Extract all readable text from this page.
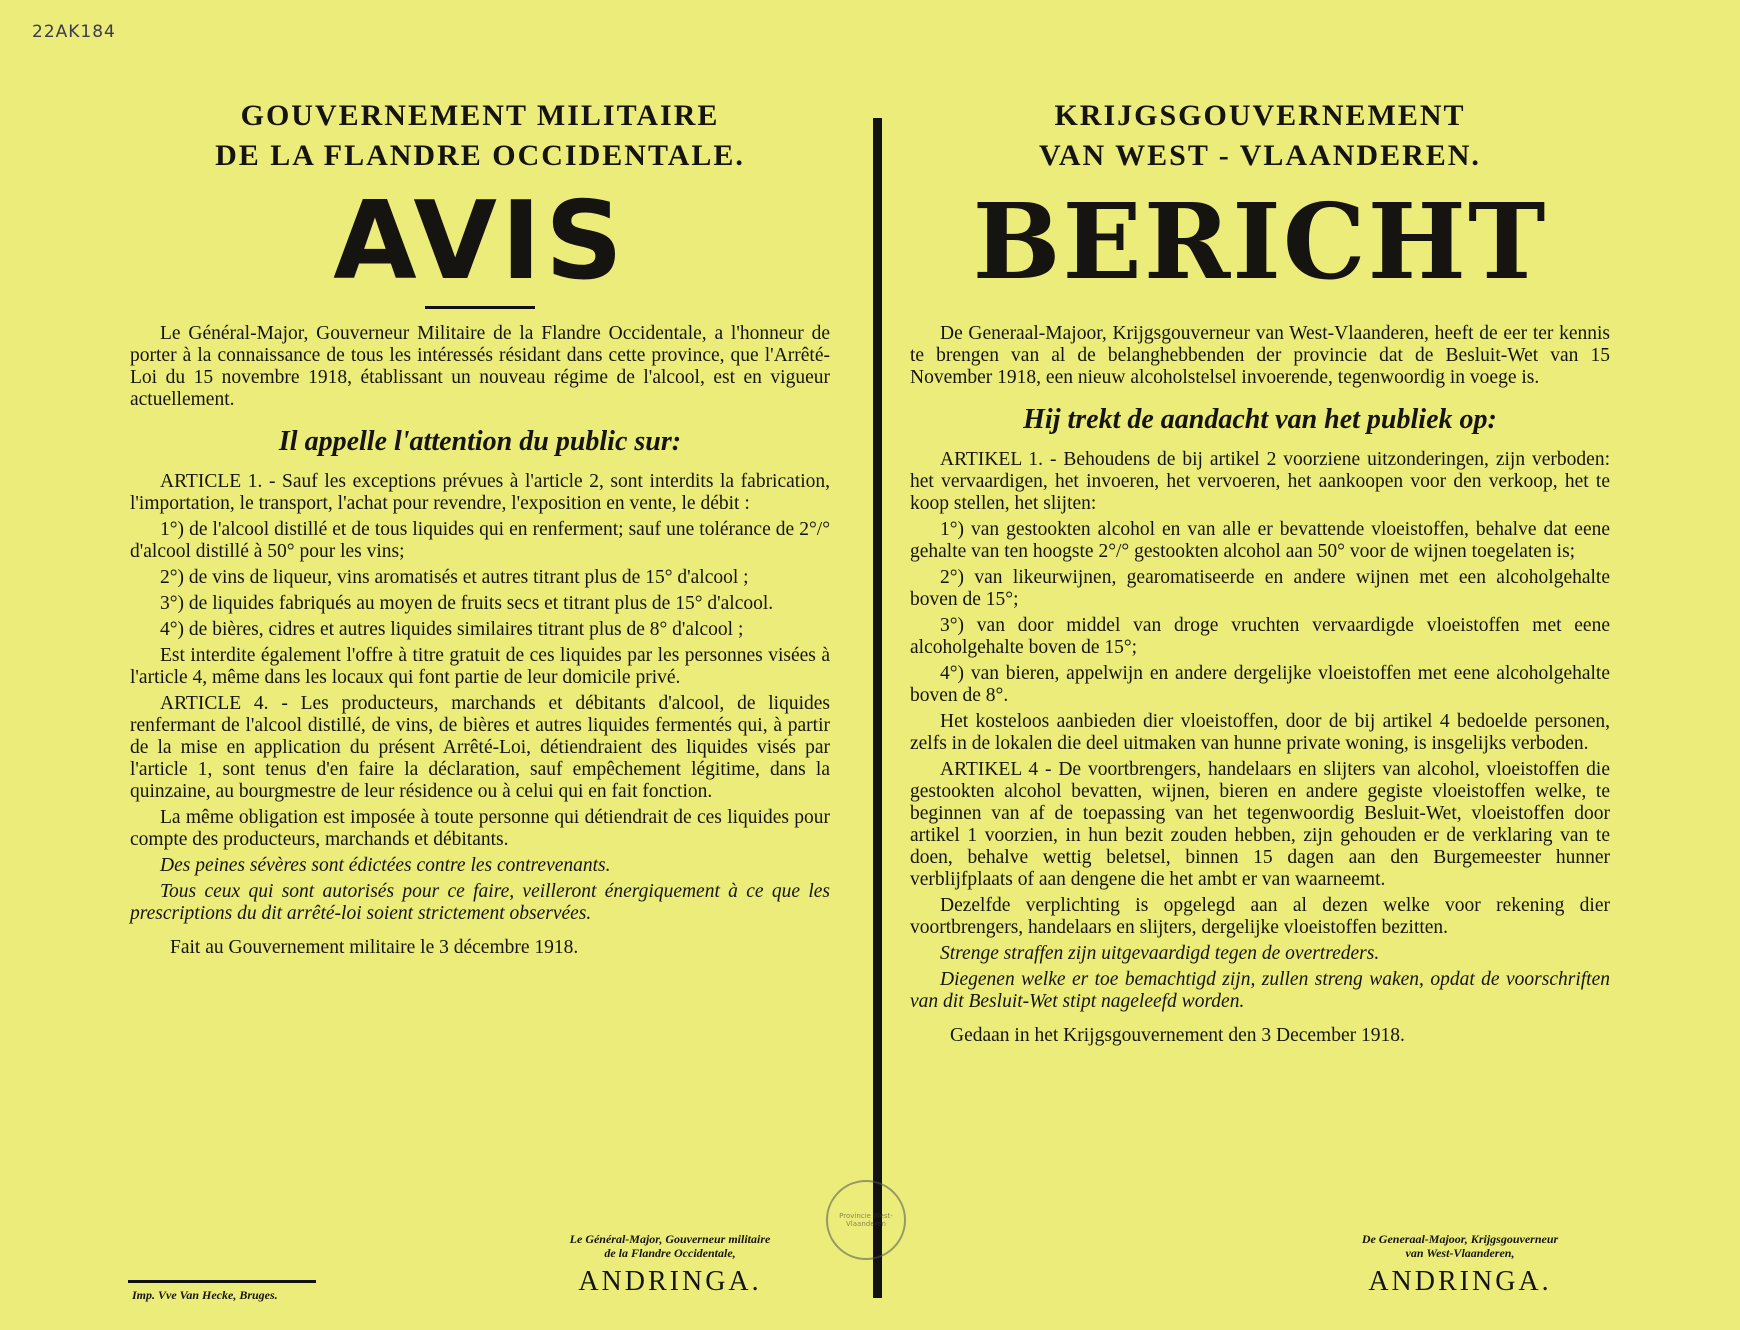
22AK184

GOUVERNEMENT MILITAIRE

DE LA FLANDRE OCCIDENTALE.

AVIS

Le Général-Major, Gouverneur Militaire de la Flandre Occidentale, a l'honneur de porter à la connaissance de tous les intéressés résidant dans cette province, que l'Arrêté-Loi du 15 novembre 1918, établissant un nouveau régime de l'alcool, est en vigueur actuellement.

Il appelle l'attention du public sur:

ARTICLE 1. - Sauf les exceptions prévues à l'article 2, sont interdits la fabrication, l'importation, le transport, l'achat pour revendre, l'exposition en vente, le débit :

1°) de l'alcool distillé et de tous liquides qui en renferment; sauf une tolérance de 2°/° d'alcool distillé à 50° pour les vins;

2°) de vins de liqueur, vins aromatisés et autres titrant plus de 15° d'alcool ;

3°) de liquides fabriqués au moyen de fruits secs et titrant plus de 15° d'alcool.

4°) de bières, cidres et autres liquides similaires titrant plus de 8° d'alcool ;

Est interdite également l'offre à titre gratuit de ces liquides par les personnes visées à l'article 4, même dans les locaux qui font partie de leur domicile privé.

ARTICLE 4. - Les producteurs, marchands et débitants d'alcool, de liquides renfermant de l'alcool distillé, de vins, de bières et autres liquides fermentés qui, à partir de la mise en application du présent Arrêté-Loi, détiendraient des liquides visés par l'article 1, sont tenus d'en faire la déclaration, sauf empêchement légitime, dans la quinzaine, au bourgmestre de leur résidence ou à celui qui en fait fonction.

La même obligation est imposée à toute personne qui détiendrait de ces liquides pour compte des producteurs, marchands et débitants.

Des peines sévères sont édictées contre les contrevenants.

Tous ceux qui sont autorisés pour ce faire, veilleront énergiquement à ce que les prescriptions du dit arrêté-loi soient strictement observées.

Fait au Gouvernement militaire le 3 décembre 1918.

Le Général-Major, Gouverneur militaire
de la Flandre Occidentale,
ANDRINGA.
Imp. Vve Van Hecke, Bruges.

KRIJGSGOUVERNEMENT

VAN WEST - VLAANDEREN.

BERICHT

De Generaal-Majoor, Krijgsgouverneur van West-Vlaanderen, heeft de eer ter kennis te brengen van al de belanghebbenden der provincie dat de Besluit-Wet van 15 November 1918, een nieuw alcoholstelsel invoerende, tegenwoordig in voege is.

Hij trekt de aandacht van het publiek op:

ARTIKEL 1. - Behoudens de bij artikel 2 voorziene uitzonderingen, zijn verboden: het vervaardigen, het invoeren, het vervoeren, het aankoopen voor den verkoop, het te koop stellen, het slijten:

1°) van gestookten alcohol en van alle er bevattende vloeistoffen, behalve dat eene gehalte van ten hoogste 2°/° gestookten alcohol aan 50° voor de wijnen toegelaten is;

2°) van likeurwijnen, gearomatiseerde en andere wijnen met een alcoholgehalte boven de 15°;

3°) van door middel van droge vruchten vervaardigde vloeistoffen met eene alcoholgehalte boven de 15°;

4°) van bieren, appelwijn en andere dergelijke vloeistoffen met eene alcoholgehalte boven de 8°.

Het kosteloos aanbieden dier vloeistoffen, door de bij artikel 4 bedoelde personen, zelfs in de lokalen die deel uitmaken van hunne private woning, is insgelijks verboden.

ARTIKEL 4 - De voortbrengers, handelaars en slijters van alcohol, vloeistoffen die gestookten alcohol bevatten, wijnen, bieren en andere gegiste vloeistoffen welke, te beginnen van af de toepassing van het tegenwoordig Besluit-Wet, vloeistoffen door artikel 1 voorzien, in hun bezit zouden hebben, zijn gehouden er de verklaring van te doen, behalve wettig beletsel, binnen 15 dagen aan den Burgemeester hunner verblijfplaats of aan dengene die het ambt er van waarneemt.

Dezelfde verplichting is opgelegd aan al dezen welke voor rekening dier voortbrengers, handelaars en slijters, dergelijke vloeistoffen bezitten.

Strenge straffen zijn uitgevaardigd tegen de overtreders.

Diegenen welke er toe bemachtigd zijn, zullen streng waken, opdat de voorschriften van dit Besluit-Wet stipt nageleefd worden.

Gedaan in het Krijgsgouvernement den 3 December 1918.

De Generaal-Majoor, Krijgsgouverneur
van West-Vlaanderen,
ANDRINGA.
Provincie West-Vlaanderen
